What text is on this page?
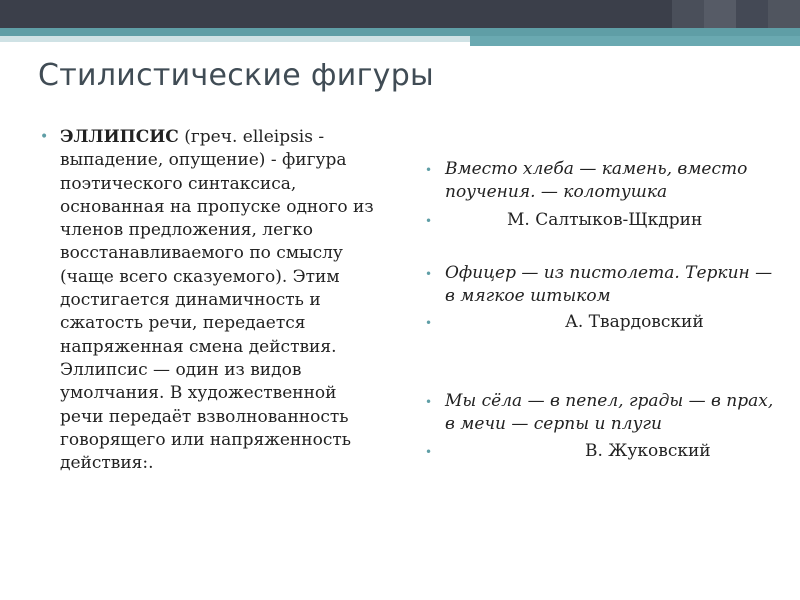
Стилистические фигуры
• ЭЛЛИПСИС (греч. elleipsis - выпадение, опущение) - фигура поэтического синтаксиса, основанная на пропуске одного из членов предложения, легко восстанавливаемого по смыслу (чаще всего сказуемого). Этим достигается динамичность и сжатость речи, передается напряженная смена действия. Эллипсис — один из видов умолчания. В художественной речи передаёт взволнованность говорящего или напряженность действия:.
• Вместо хлеба — камень, вместо поучения. — колотушка
•	М. Салтыков-Щкдрин
• Офицер — из пистолета. Теркин — в мягкое штыком
•	А. Твардовский
• Мы сёла — в пепел, грады — в прах, в мечи — серпы и плуги
•	В. Жуковский
